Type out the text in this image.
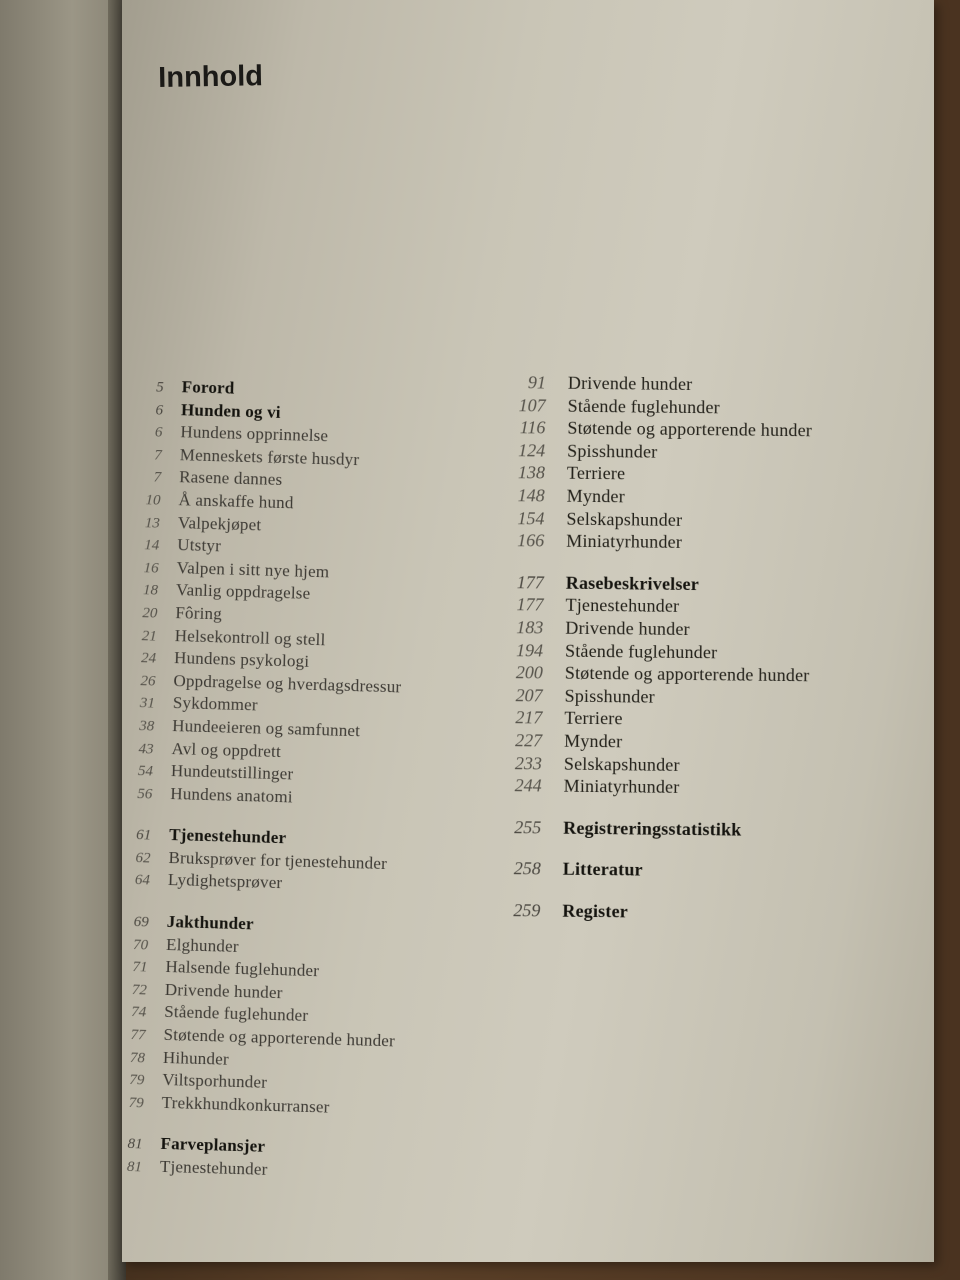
Innhold
5 Forord
6 Hunden og vi
6 Hundens opprinnelse
7 Menneskets første husdyr
7 Rasene dannes
10 Å anskaffe hund
13 Valpekjøpet
14 Utstyr
16 Valpen i sitt nye hjem
18 Vanlig oppdragelse
20 Fôring
21 Helsekontroll og stell
24 Hundens psykologi
26 Oppdragelse og hverdagsdressur
31 Sykdommer
38 Hundeeieren og samfunnet
43 Avl og oppdrett
54 Hundeutstillinger
56 Hundens anatomi
61 Tjenestehunder
62 Bruksprøver for tjenestehunder
64 Lydighetsprøver
69 Jakthunder
70 Elghunder
71 Halsende fuglehunder
72 Drivende hunder
74 Stående fuglehunder
77 Støtende og apporterende hunder
78 Hihunder
79 Viltsporhunder
79 Trekkhundkonkurranser
81 Farveplansjer
81 Tjenestehunder
91 Drivende hunder
107 Stående fuglehunder
116 Støtende og apporterende hunder
124 Spisshunder
138 Terriere
148 Mynder
154 Selskapshunder
166 Miniatyrhunder
177 Rasebeskrivelser
177 Tjenestehunder
183 Drivende hunder
194 Stående fuglehunder
200 Støtende og apporterende hunder
207 Spisshunder
217 Terriere
227 Mynder
233 Selskapshunder
244 Miniatyrhunder
255 Registreringsstatistikk
258 Litteratur
259 Register
